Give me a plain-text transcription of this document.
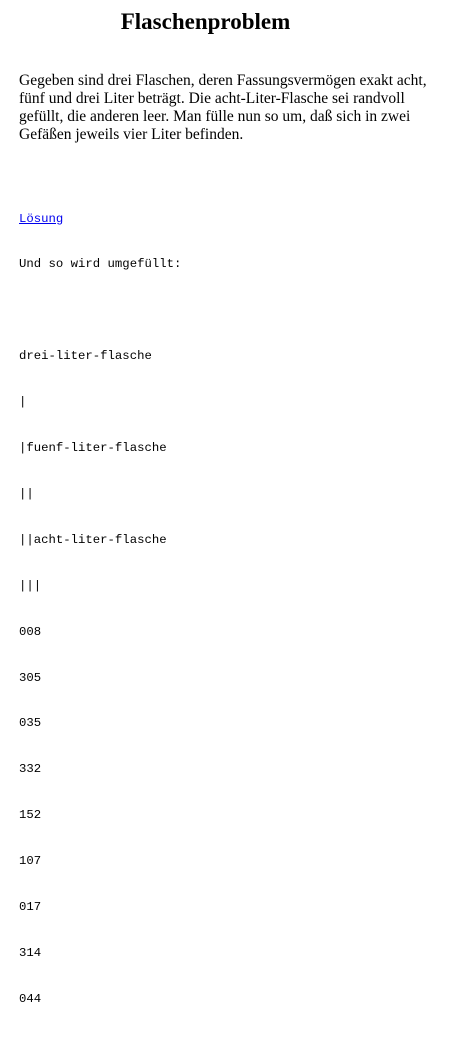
Flaschenproblem

Gegeben sind drei Flaschen, deren Fassungsvermögen exakt acht,
fünf und drei Liter beträgt. Die acht-Liter-Flasche sei randvoll
gefüllt, die anderen leer. Man fülle nun so um, daß sich in zwei
Gefäßen jeweils vier Liter befinden.

Lösung

Und so wird umgefüllt:

drei-liter-flasche

|

|fuenf-liter-flasche

||

||acht-liter-flasche

|||

008

305

035

332

152

107

017

314

044
